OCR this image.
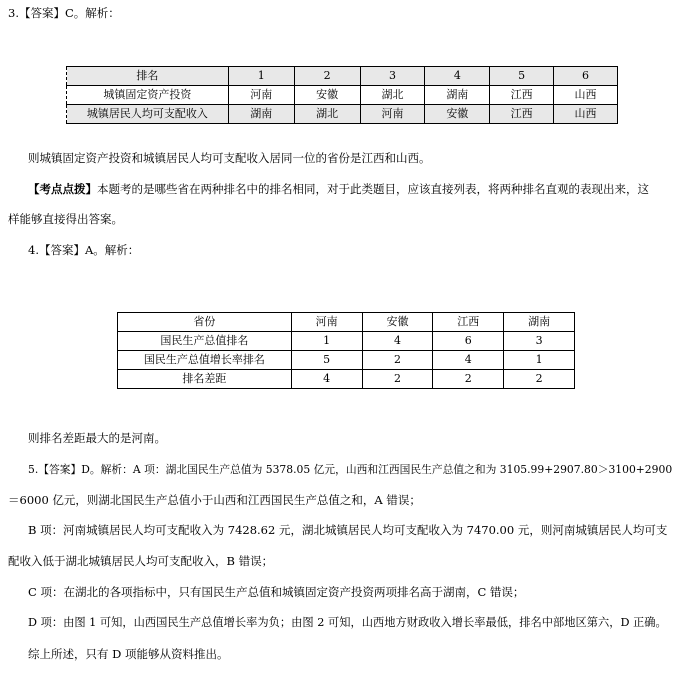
3.【答案】C。解析：
排名	1	2	3	4	5	6
城镇固定资产投资	河南	安徽	湖北	湖南	江西	山西
城镇居民人均可支配收入	湖南	湖北	河南	安徽	江西	山西
则城镇固定资产投资和城镇居民人均可支配收入居同一位的省份是江西和山西。
【考点点拨】本题考的是哪些省在两种排名中的排名相同，对于此类题目，应该直接列表，将两种排名直观的表现出来，这
样能够直接得出答案。
4.【答案】A。解析：
省份	河南	安徽	江西	湖南
国民生产总值排名	1	4	6	3
国民生产总值增长率排名	5	2	4	1
排名差距	4	2	2	2
则排名差距最大的是河南。
5.【答案】D。解析：A 项：湖北国民生产总值为 5378.05 亿元，山西和江西国民生产总值之和为 3105.99+2907.80＞3100+2900
＝6000 亿元，则湖北国民生产总值小于山西和江西国民生产总值之和，A 错误；
B 项：河南城镇居民人均可支配收入为 7428.62 元，湖北城镇居民人均可支配收入为 7470.00 元，则河南城镇居民人均可支
配收入低于湖北城镇居民人均可支配收入，B 错误；
C 项：在湖北的各项指标中，只有国民生产总值和城镇固定资产投资两项排名高于湖南，C 错误；
D 项：由图 1 可知，山西国民生产总值增长率为负；由图 2 可知，山西地方财政收入增长率最低，排名中部地区第六，D 正确。
综上所述，只有 D 项能够从资料推出。
